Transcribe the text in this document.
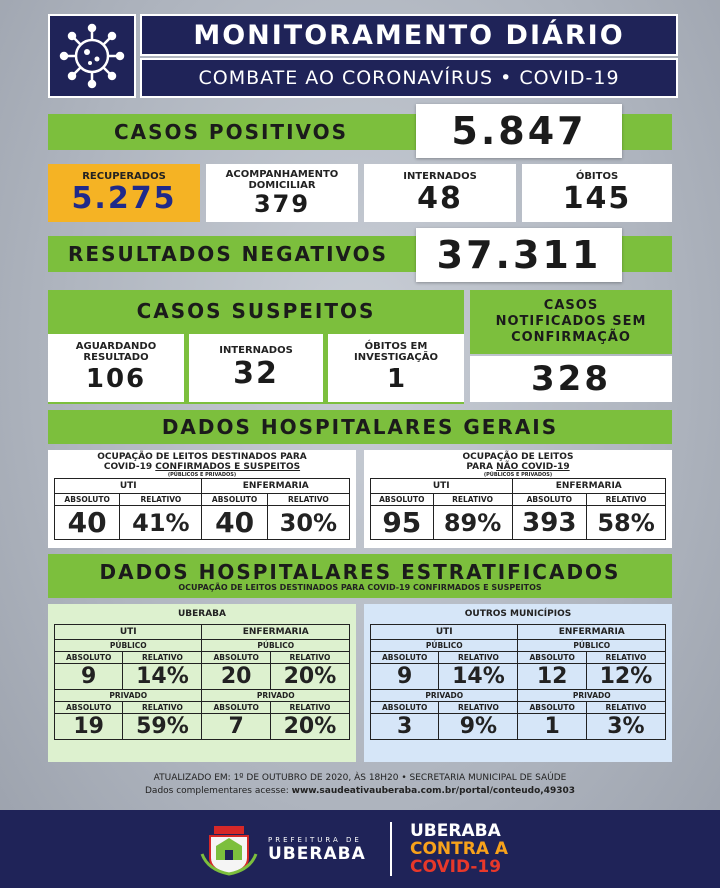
MONITORAMENTO DIÁRIO
COMBATE AO CORONAVÍRUS • COVID-19
CASOS POSITIVOS	5.847
RECUPERADOS
5.275
ACOMPANHAMENTO DOMICILIAR
379
INTERNADOS
48
ÓBITOS
145
RESULTADOS NEGATIVOS	37.311
CASOS SUSPEITOS
AGUARDANDO RESULTADO
106
INTERNADOS
32
ÓBITOS EM INVESTIGAÇÃO
1
CASOS NOTIFICADOS SEM CONFIRMAÇÃO
328
DADOS HOSPITALARES GERAIS
OCUPAÇÃO DE LEITOS DESTINADOS PARA
COVID-19 CONFIRMADOS E SUSPEITOS
(PÚBLICOS E PRIVADOS)
UTI		ENFERMARIA	
ABSOLUTO	RELATIVO	ABSOLUTO	RELATIVO
40	41%	40	30%
OCUPAÇÃO DE LEITOS
PARA NÃO COVID-19
(PÚBLICOS E PRIVADOS)
UTI		ENFERMARIA	
ABSOLUTO	RELATIVO	ABSOLUTO	RELATIVO
95	89%	393	58%
DADOS HOSPITALARES ESTRATIFICADOS
OCUPAÇÃO DE LEITOS DESTINADOS PARA COVID-19 CONFIRMADOS E SUSPEITOS
UBERABA
UTI		ENFERMARIA	
PÚBLICO		PÚBLICO	
ABSOLUTO	RELATIVO	ABSOLUTO	RELATIVO
9	14%	20	20%
PRIVADO		PRIVADO	
ABSOLUTO	RELATIVO	ABSOLUTO	RELATIVO
19	59%	7	20%
OUTROS MUNICÍPIOS
UTI		ENFERMARIA	
PÚBLICO		PÚBLICO	
ABSOLUTO	RELATIVO	ABSOLUTO	RELATIVO
9	14%	12	12%
PRIVADO		PRIVADO	
ABSOLUTO	RELATIVO	ABSOLUTO	RELATIVO
3	9%	1	3%
ATUALIZADO EM: 1º DE OUTUBRO DE 2020, ÀS 18H20 • SECRETARIA MUNICIPAL DE SAÚDE
Dados complementares acesse: www.saudeativauberaba.com.br/portal/conteudo,49303
PREFEITURA DE
UBERABA
UBERABA
CONTRA A
COVID-19
